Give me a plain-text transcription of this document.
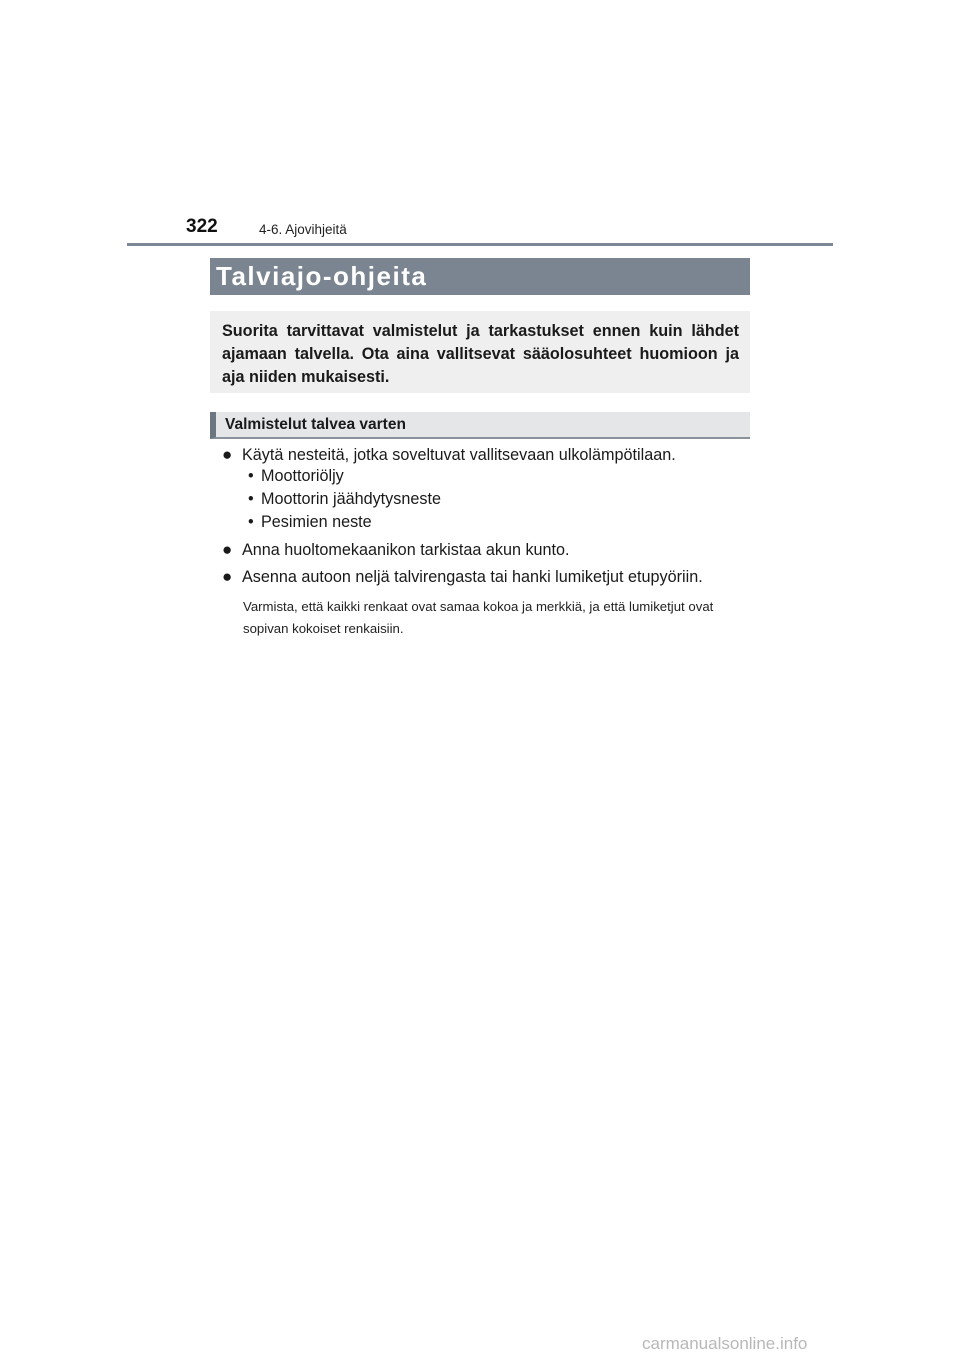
322	4-6. Ajovihjeitä
Talviajo-ohjeita
Suorita tarvittavat valmistelut ja tarkastukset ennen kuin lähdet ajamaan talvella. Ota aina vallitsevat sääolosuhteet huomioon ja aja niiden mukaisesti.
Valmistelut talvea varten
● Käytä nesteitä, jotka soveltuvat vallitsevaan ulkolämpötilaan.
• Moottoriöljy
• Moottorin jäähdytysneste
• Pesimien neste
● Anna huoltomekaanikon tarkistaa akun kunto.
● Asenna autoon neljä talvirengasta tai hanki lumiketjut etupyöriin.
Varmista, että kaikki renkaat ovat samaa kokoa ja merkkiä, ja että lumiketjut ovat sopivan kokoiset renkaisiin.
carmanualsonline.info
